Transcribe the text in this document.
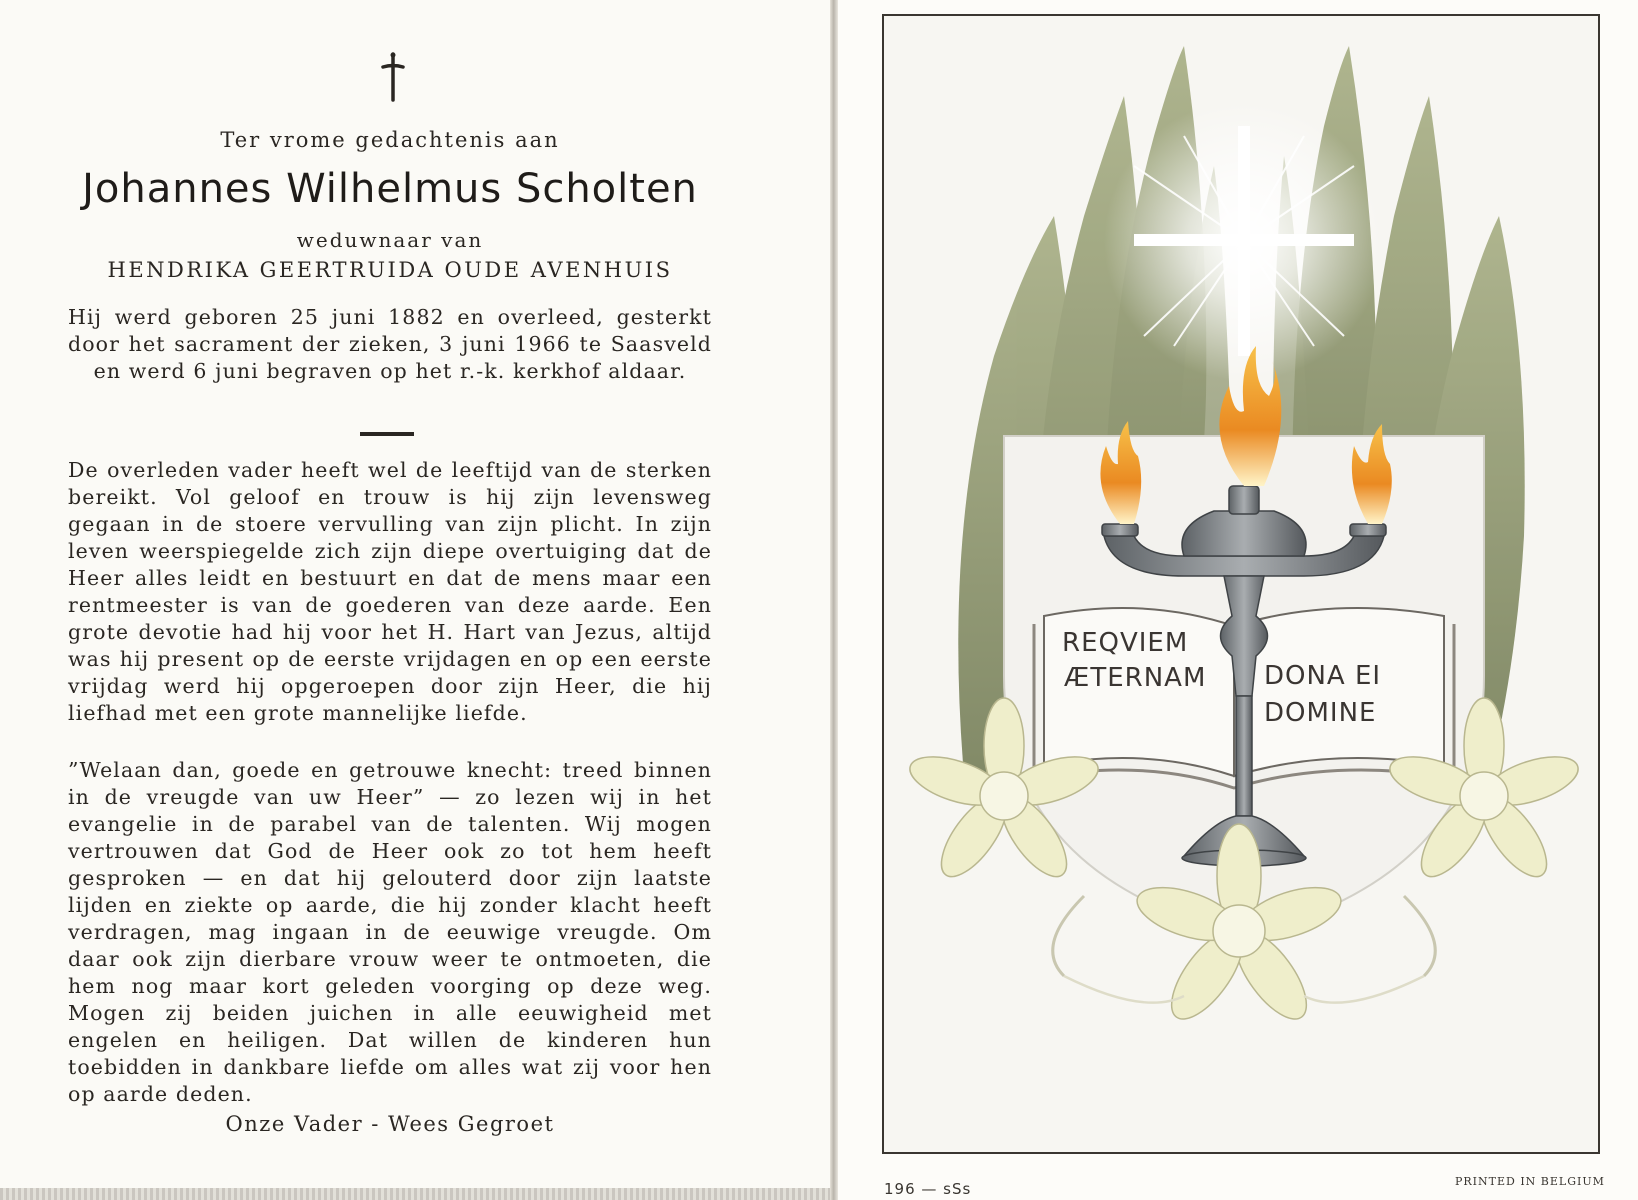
Ter vrome gedachtenis aan
Johannes Wilhelmus Scholten
weduwnaar van
HENDRIKA GEERTRUIDA OUDE AVENHUIS
Hij werd geboren 25 juni 1882 en overleed, gesterkt door het sacrament der zieken, 3 juni 1966 te Saasveld en werd 6 juni begraven op het r.-k. kerkhof aldaar.
De overleden vader heeft wel de leeftijd van de sterken bereikt. Vol geloof en trouw is hij zijn levensweg gegaan in de stoere vervulling van zijn plicht. In zijn leven weerspiegelde zich zijn diepe overtuiging dat de Heer alles leidt en bestuurt en dat de mens maar een rentmeester is van de goederen van deze aarde. Een grote devotie had hij voor het H. Hart van Jezus, altijd was hij present op de eerste vrijdagen en op een eerste vrijdag werd hij opgeroepen door zijn Heer, die hij liefhad met een grote mannelijke liefde.
”Welaan dan, goede en getrouwe knecht: treed binnen in de vreugde van uw Heer” — zo lezen wij in het evangelie in de parabel van de talenten. Wij mogen vertrouwen dat God de Heer ook zo tot hem heeft gesproken — en dat hij gelouterd door zijn laatste lijden en ziekte op aarde, die hij zonder klacht heeft verdragen, mag ingaan in de eeuwige vreugde. Om daar ook zijn dierbare vrouw weer te ontmoeten, die hem nog maar kort geleden voorging op deze weg. Mogen zij beiden juichen in alle eeuwigheid met engelen en heiligen. Dat willen de kinderen hun toebidden in dankbare liefde om alles wat zij voor hen op aarde deden.
Onze Vader - Wees Gegroet
REQVIEM
ÆTERNAM DONA EI
DOMINE
196 — sSs	PRINTED IN BELGIUM
